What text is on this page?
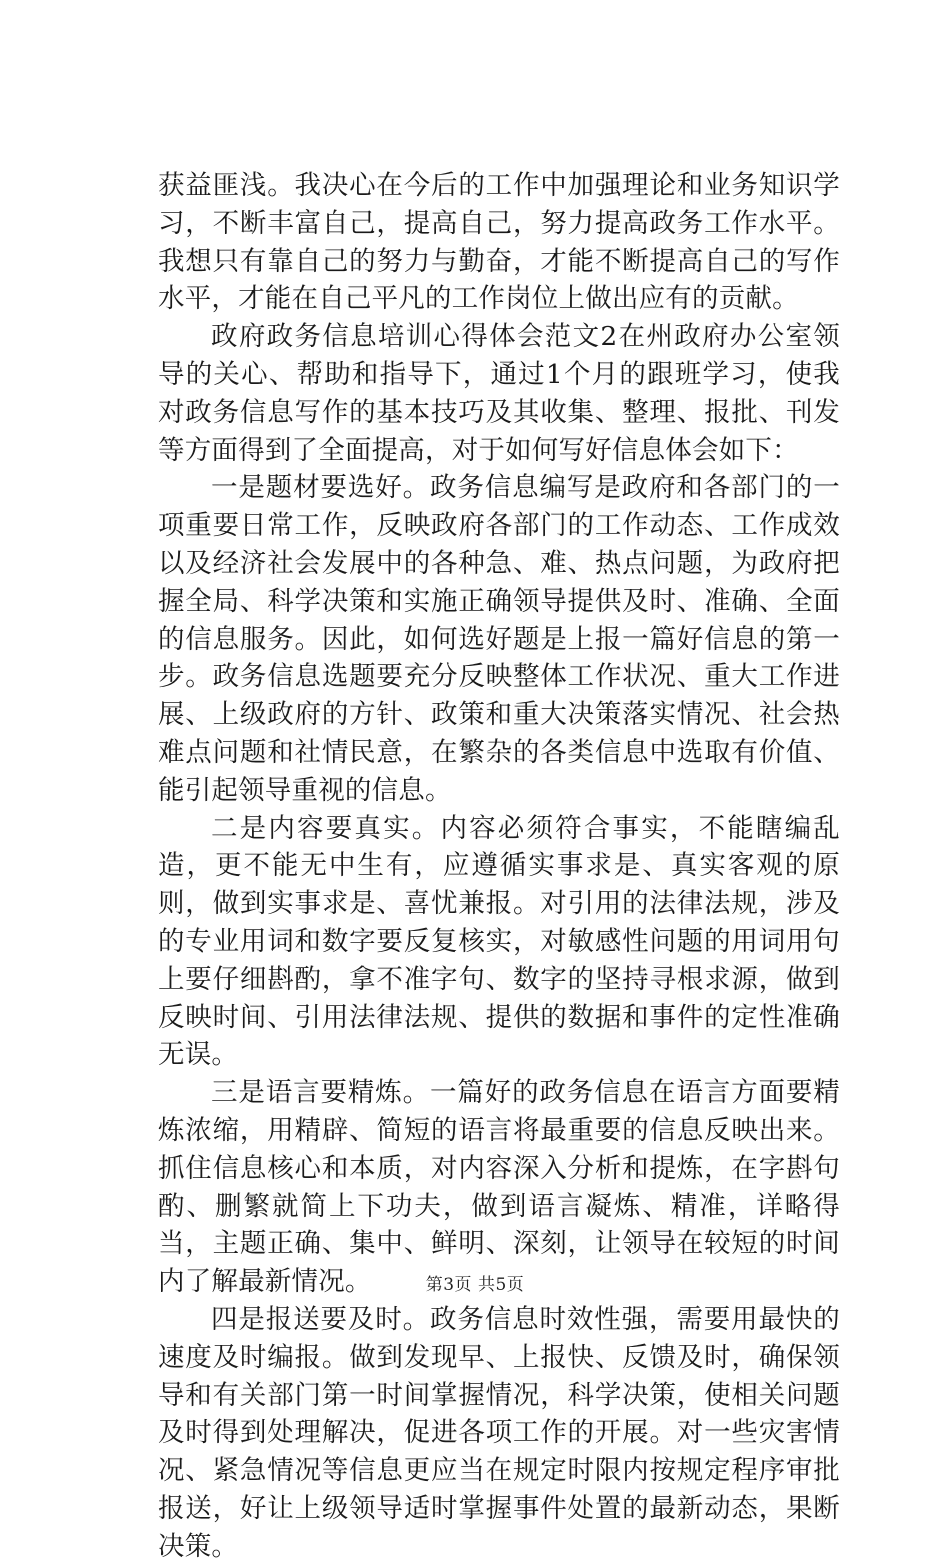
获益匪浅。我决心在今后的工作中加强理论和业务知识学习，不断丰富自己，提高自己，努力提高政务工作水平。我想只有靠自己的努力与勤奋，才能不断提高自己的写作水平，才能在自己平凡的工作岗位上做出应有的贡献。

政府政务信息培训心得体会范文2在州政府办公室领导的关心、帮助和指导下，通过1个月的跟班学习，使我对政务信息写作的基本技巧及其收集、整理、报批、刊发等方面得到了全面提高，对于如何写好信息体会如下：

一是题材要选好。政务信息编写是政府和各部门的一项重要日常工作，反映政府各部门的工作动态、工作成效以及经济社会发展中的各种急、难、热点问题，为政府把握全局、科学决策和实施正确领导提供及时、准确、全面的信息服务。因此，如何选好题是上报一篇好信息的第一步。政务信息选题要充分反映整体工作状况、重大工作进展、上级政府的方针、政策和重大决策落实情况、社会热难点问题和社情民意，在繁杂的各类信息中选取有价值、能引起领导重视的信息。

二是内容要真实。内容必须符合事实，不能瞎编乱造，更不能无中生有，应遵循实事求是、真实客观的原则，做到实事求是、喜忧兼报。对引用的法律法规，涉及的专业用词和数字要反复核实，对敏感性问题的用词用句上要仔细斟酌，拿不准字句、数字的坚持寻根求源，做到反映时间、引用法律法规、提供的数据和事件的定性准确无误。

三是语言要精炼。一篇好的政务信息在语言方面要精炼浓缩，用精辟、简短的语言将最重要的信息反映出来。抓住信息核心和本质，对内容深入分析和提炼，在字斟句酌、删繁就简上下功夫，做到语言凝炼、精准，详略得当，主题正确、集中、鲜明、深刻，让领导在较短的时间内了解最新情况。

四是报送要及时。政务信息时效性强，需要用最快的速度及时编报。做到发现早、上报快、反馈及时，确保领导和有关部门第一时间掌握情况，科学决策，使相关问题及时得到处理解决，促进各项工作的开展。对一些灾害情况、紧急情况等信息更应当在规定时限内按规定程序审批报送，好让上级领导适时掌握事件处置的最新动态，果断决策。

第3页 共5页
